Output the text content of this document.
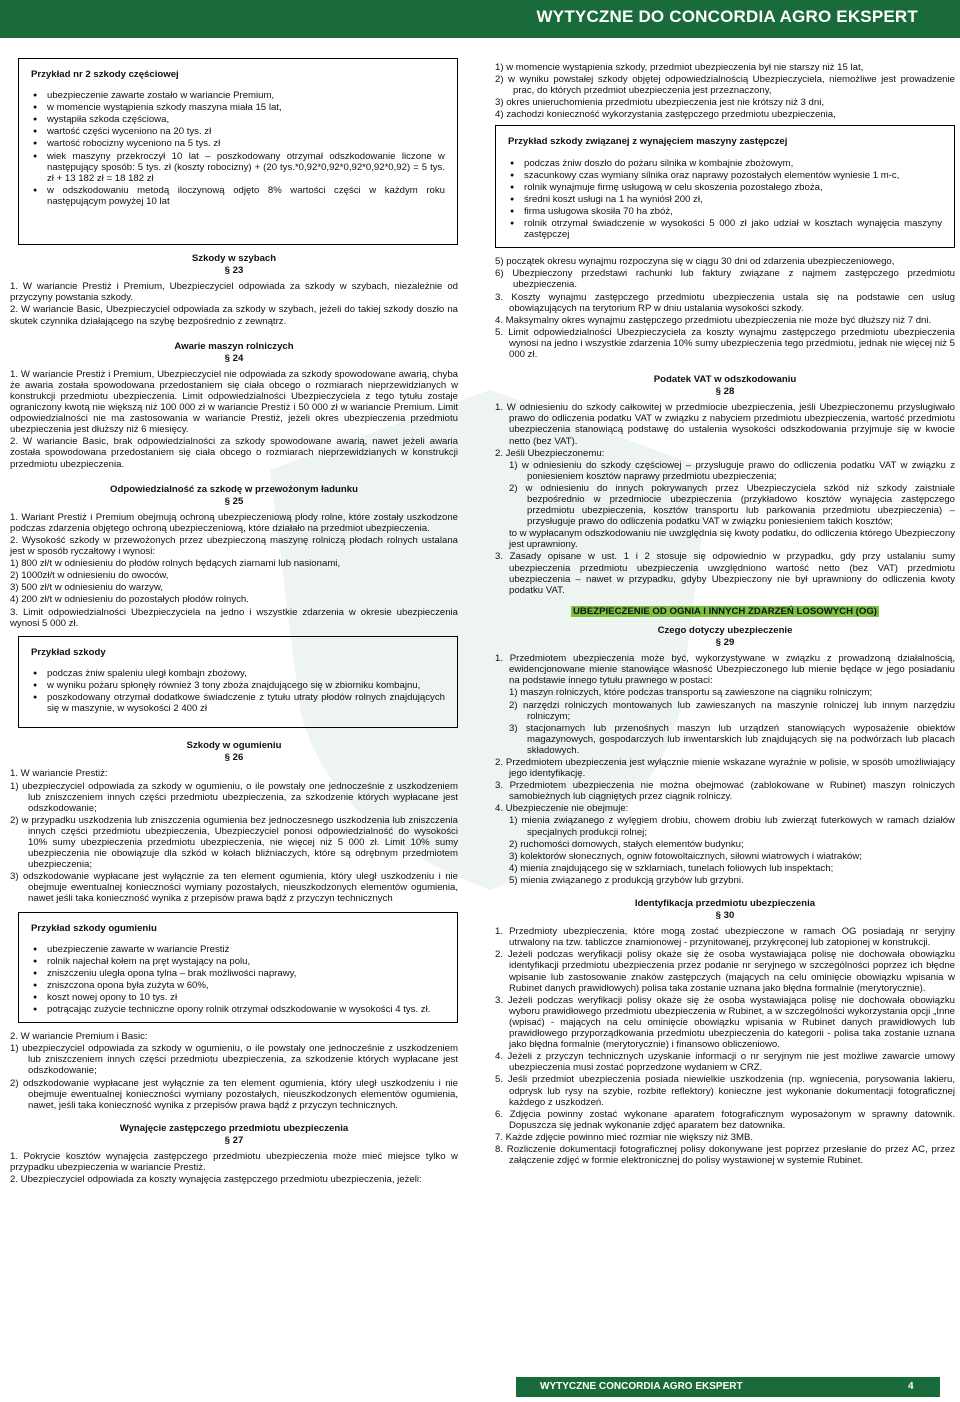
WYTYCZNE DO CONCORDIA AGRO EKSPERT
Przykład nr 2 szkody częściowej
● ubezpieczenie zawarte zostało w wariancie Premium,
● w momencie wystąpienia szkody maszyna miała 15 lat,
● wystąpiła szkoda częściowa,
● wartość części wyceniono na 20 tys. zł
● wartość robocizny wyceniono na 5 tys. zł
● wiek maszyny przekroczył 10 lat – poszkodowany otrzymał odszkodowanie liczone w następujący sposób: 5 tys. zł (koszty robocizny) + (20 tys.*0,92*0,92*0,92*0,92*0,92) = 5 tys. zł + 13 182 zł = 18 182 zł
● w odszkodowaniu metodą iloczynową odjęto 8% wartości części w każdym roku następującym powyżej 10 lat
Szkody w szybach
§ 23

1. W wariancie Prestiż i Premium, Ubezpieczyciel odpowiada za szkody w szybach, niezależnie od przyczyny powstania szkody.

2. W wariancie Basic, Ubezpieczyciel odpowiada za szkody w szybach, jeżeli do takiej szkody doszło na skutek czynnika działającego na szybę bezpośrednio z zewnątrz.

Awarie maszyn rolniczych
§ 24

1. W wariancie Prestiż i Premium, Ubezpieczyciel nie odpowiada za szkody spowodowane awarią, chyba że awaria została spowodowana przedostaniem się ciała obcego o rozmiarach nieprzewidzianych w konstrukcji przedmiotu ubezpieczenia. Limit odpowiedzialności Ubezpieczyciela z tego tytułu zostaje ograniczony kwotą nie większą niż 100 000 zł w wariancie Prestiż i 50 000 zł w wariancie Premium. Limit odpowiedzialności nie ma zastosowania w wariancie Prestiż, jeżeli okres ubezpieczenia przedmiotu ubezpieczenia jest dłuższy niż 6 miesięcy.

2. W wariancie Basic, brak odpowiedzialności za szkody spowodowane awarią, nawet jeżeli awaria została spowodowana przedostaniem się ciała obcego o rozmiarach nieprzewidzianych w konstrukcji przedmiotu ubezpieczenia.

Odpowiedzialność za szkodę w przewożonym ładunku
§ 25

1. Wariant Prestiż i Premium obejmują ochroną ubezpieczeniową płody rolne, które zostały uszkodzone podczas zdarzenia objętego ochroną ubezpieczeniową, które działało na przedmiot ubezpieczenia.

2. Wysokość szkody w przewożonych przez ubezpieczoną maszynę rolniczą płodach rolnych ustalana jest w sposób ryczałtowy i wynosi:

1) 800 zł/t w odniesieniu do płodów rolnych będących ziarnami lub nasionami,

2) 1000zł/t w odniesieniu do owoców,

3) 500 zł/t w odniesieniu do warzyw,

4) 200 zł/t w odniesieniu do pozostałych płodów rolnych.

3. Limit odpowiedzialności Ubezpieczyciela na jedno i wszystkie zdarzenia w okresie ubezpieczenia wynosi 5 000 zł.

Przykład szkody
● podczas żniw spaleniu uległ kombajn zbożowy,
● w wyniku pożaru spłonęły również 3 tony zboża znajdującego się w zbiorniku kombajnu,
● poszkodowany otrzymał dodatkowe świadczenie z tytułu utraty płodów rolnych znajdujących się w maszynie, w wysokości 2 400 zł
Szkody w ogumieniu
§ 26

1. W wariancie Prestiż:

1) ubezpieczyciel odpowiada za szkody w ogumieniu, o ile powstały one jednocześnie z uszkodzeniem lub zniszczeniem innych części przedmiotu ubezpieczenia, za szkodzenie których wypłacane jest odszkodowanie;

2) w przypadku uszkodzenia lub zniszczenia ogumienia bez jednoczesnego uszkodzenia lub zniszczenia innych części przedmiotu ubezpieczenia, Ubezpieczyciel ponosi odpowiedzialność do wysokości 10% sumy ubezpieczenia przedmiotu ubezpieczenia, nie więcej niż 5 000 zł. Limit 10% sumy ubezpieczenia nie obowiązuje dla szkód w kołach bliźniaczych, które są odrębnym przedmiotem ubezpieczenia;

3) odszkodowanie wypłacane jest wyłącznie za ten element ogumienia, który uległ uszkodzeniu i nie obejmuje ewentualnej konieczności wymiany pozostałych, nieuszkodzonych elementów ogumienia, nawet jeśli taka konieczność wynika z przepisów prawa bądź z przyczyn technicznych

Przykład szkody ogumieniu
● ubezpieczenie zawarte w wariancie Prestiż
● rolnik najechał kołem na pręt wystający na polu,
● zniszczeniu uległa opona tylna – brak możliwości naprawy,
● zniszczona opona była zużyta w 60%,
● koszt nowej opony to 10 tys. zł
● potrącając zużycie techniczne opony rolnik otrzymał odszkodowanie w wysokości 4 tys. zł.

2. W wariancie Premium i Basic:

1) ubezpieczyciel odpowiada za szkody w ogumieniu, o ile powstały one jednocześnie z uszkodzeniem lub zniszczeniem innych części przedmiotu ubezpieczenia, za szkodzenie których wypłacane jest odszkodowanie;

2) odszkodowanie wypłacane jest wyłącznie za ten element ogumienia, który uległ uszkodzeniu i nie obejmuje ewentualnej konieczności wymiany pozostałych, nieuszkodzonych elementów ogumienia, nawet, jeśli taka konieczność wynika z przepisów prawa bądź z przyczyn technicznych.

Wynajęcie zastępczego przedmiotu ubezpieczenia
§ 27

1. Pokrycie kosztów wynajęcia zastępczego przedmiotu ubezpieczenia może mieć miejsce tylko w przypadku ubezpieczenia w wariancie Prestiż.

2. Ubezpieczyciel odpowiada za koszty wynajęcia zastępczego przedmiotu ubezpieczenia, jeżeli:

1) w momencie wystąpienia szkody, przedmiot ubezpieczenia był nie starszy niż 15 lat,

2) w wyniku powstałej szkody objętej odpowiedzialnością Ubezpieczyciela, niemożliwe jest prowadzenie prac, do których przedmiot ubezpieczenia jest przeznaczony,

3) okres unieruchomienia przedmiotu ubezpieczenia jest nie krótszy niż 3 dni,

4) zachodzi konieczność wykorzystania zastępczego przedmiotu ubezpieczenia,

Przykład szkody związanej z wynajęciem maszyny zastępczej
● podczas żniw doszło do pożaru silnika w kombajnie zbożowym,
● szacunkowy czas wymiany silnika oraz naprawy pozostałych elementów wyniesie 1 m-c,
● rolnik wynajmuje firmę usługową w celu skoszenia pozostałego zboża,
● średni koszt usługi na 1 ha wyniósł 200 zł,
● firma usługowa skosiła 70 ha zbóż,
● rolnik otrzymał świadczenie w wysokości 5 000 zł jako udział w kosztach wynajęcia maszyny zastępczej

5) początek okresu wynajmu rozpoczyna się w ciągu 30 dni od zdarzenia ubezpieczeniowego,

6) Ubezpieczony przedstawi rachunki lub faktury związane z najmem zastępczego przedmiotu ubezpieczenia.

3. Koszty wynajmu zastępczego przedmiotu ubezpieczenia ustala się na podstawie cen usług obowiązujących na terytorium RP w dniu ustalania wysokości szkody.

4. Maksymalny okres wynajmu zastępczego przedmiotu ubezpieczenia nie może być dłuższy niż 7 dni.

5. Limit odpowiedzialności Ubezpieczyciela za koszty wynajmu zastępczego przedmiotu ubezpieczenia wynosi na jedno i wszystkie zdarzenia 10% sumy ubezpieczenia tego przedmiotu, jednak nie więcej niż 5 000 zł.

Podatek VAT w odszkodowaniu
§ 28

1. W odniesieniu do szkody całkowitej w przedmiocie ubezpieczenia, jeśli Ubezpieczonemu przysługiwało prawo do odliczenia podatku VAT w związku z nabyciem przedmiotu ubezpieczenia, wartość przedmiotu ubezpieczenia stanowiącą podstawę do ustalenia wysokości odszkodowania przyjmuje się w kwocie netto (bez VAT).

2. Jeśli Ubezpieczonemu:

1) w odniesieniu do szkody częściowej – przysługuje prawo do odliczenia podatku VAT w związku z poniesieniem kosztów naprawy przedmiotu ubezpieczenia;

2) w odniesieniu do innych pokrywanych przez Ubezpieczyciela szkód niż szkody zaistniałe bezpośrednio w przedmiocie ubezpieczenia (przykładowo kosztów wynajęcia zastępczego przedmiotu ubezpieczenia, kosztów transportu lub parkowania przedmiotu ubezpieczenia) – przysługuje prawo do odliczenia podatku VAT w związku poniesieniem takich kosztów;

to w wypłacanym odszkodowaniu nie uwzględnia się kwoty podatku, do odliczenia którego Ubezpieczony jest uprawniony.

3. Zasady opisane w ust. 1 i 2 stosuje się odpowiednio w przypadku, gdy przy ustalaniu sumy ubezpieczenia przedmiotu ubezpieczenia uwzględniono wartość netto (bez VAT) przedmiotu ubezpieczenia – nawet w przypadku, gdyby Ubezpieczony nie był uprawniony do odliczenia kwoty podatku VAT.

UBEZPIECZENIE OD OGNIA I INNYCH ZDARZEŃ LOSOWYCH (OG)
Czego dotyczy ubezpieczenie
§ 29

1. Przedmiotem ubezpieczenia może być, wykorzystywane w związku z prowadzoną działalnością, ewidencjonowane mienie stanowiące własność Ubezpieczonego lub mienie będące w jego posiadaniu na podstawie innego tytułu prawnego w postaci:

1) maszyn rolniczych, które podczas transportu są zawieszone na ciągniku rolniczym;

2) narzędzi rolniczych montowanych lub zawieszanych na maszynie rolniczej lub innym narzędziu rolniczym;

3) stacjonarnych lub przenośnych maszyn lub urządzeń stanowiących wyposażenie obiektów magazynowych, gospodarczych lub inwentarskich lub znajdujących się na podwórzach lub placach składowych.

2. Przedmiotem ubezpieczenia jest wyłącznie mienie wskazane wyraźnie w polisie, w sposób umożliwiający jego identyfikację.

3. Przedmiotem ubezpieczenia nie można obejmować (zablokowane w Rubinet) maszyn rolniczych samobieżnych lub ciągniętych przez ciągnik rolniczy.

4. Ubezpieczenie nie obejmuje:

1) mienia związanego z wylęgiem drobiu, chowem drobiu lub zwierząt futerkowych w ramach działów specjalnych produkcji rolnej;

2) ruchomości domowych, stałych elementów budynku;

3) kolektorów słonecznych, ogniw fotowoltaicznych, siłowni wiatrowych i wiatraków;

4) mienia znajdującego się w szklarniach, tunelach foliowych lub inspektach;

5) mienia związanego z produkcją grzybów lub grzybni.

Identyfikacja przedmiotu ubezpieczenia
§ 30

1. Przedmioty ubezpieczenia, które mogą zostać ubezpieczone w ramach OG posiadają nr seryjny utrwalony na tzw. tabliczce znamionowej - przynitowanej, przykręconej lub zatopionej w konstrukcji.

2. Jeżeli podczas weryfikacji polisy okaże się że osoba wystawiająca polisę nie dochowała obowiązku identyfikacji przedmiotu ubezpieczenia przez podanie nr seryjnego w szczególności poprzez ich błędne wpisanie lub zastosowanie znaków zastępczych (mających na celu ominięcie obowiązku wpisania w Rubinet danych prawidłowych) polisa taka zostanie uznana jako błędna formalnie (merytorycznie).

3. Jeżeli podczas weryfikacji polisy okaże się że osoba wystawiająca polisę nie dochowała obowiązku wyboru prawidłowego przedmiotu ubezpieczenia w Rubinet, a w szczególności wykorzystania opcji „Inne (wpisać) - mających na celu ominięcie obowiązku wpisania w Rubinet danych prawidłowych lub prawidłowego przyporządkowania przedmiotu ubezpieczenia do kategorii - polisa taka zostanie uznana jako błędna formalnie (merytorycznie) i finansowo obliczeniowo.

4. Jeżeli z przyczyn technicznych uzyskanie informacji o nr seryjnym nie jest możliwe zawarcie umowy ubezpieczenia musi zostać poprzedzone wydaniem w CRZ.

5. Jeśli przedmiot ubezpieczenia posiada niewielkie uszkodzenia (np. wgniecenia, porysowania lakieru, odprysk lub rysy na szybie, rozbite reflektory) konieczne jest wykonanie dokumentacji fotograficznej każdego z uszkodzeń.

6. Zdjęcia powinny zostać wykonane aparatem fotograficznym wyposażonym w sprawny datownik. Dopuszcza się jednak wykonanie zdjęć aparatem bez datownika.

7. Każde zdjęcie powinno mieć rozmiar nie większy niż 3MB.

8. Rozliczenie dokumentacji fotograficznej polisy dokonywane jest poprzez przesłanie do przez AC, przez załączenie zdjęć w formie elektronicznej do polisy wystawionej w systemie Rubinet.

WYTYCZNE CONCORDIA AGRO EKSPERT	4
